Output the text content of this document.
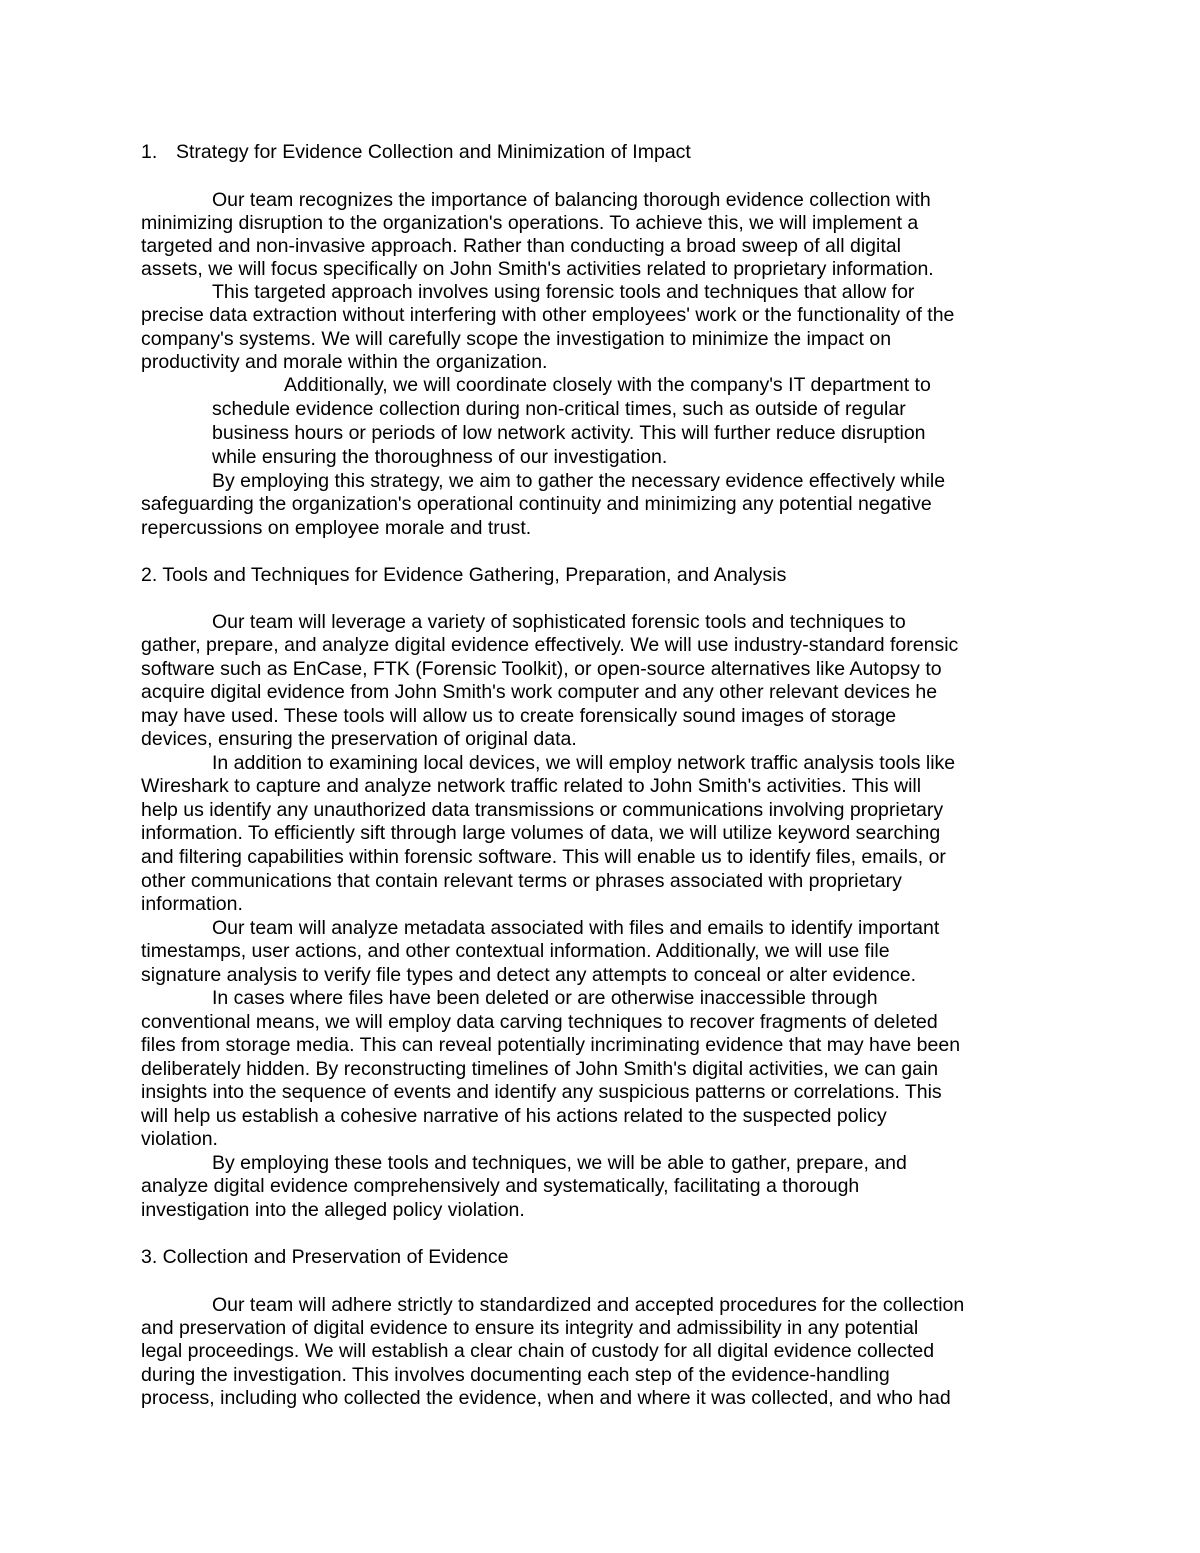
1. Strategy for Evidence Collection and Minimization of Impact

Our team recognizes the importance of balancing thorough evidence collection with

minimizing disruption to the organization's operations. To achieve this, we will implement a

targeted and non-invasive approach. Rather than conducting a broad sweep of all digital

assets, we will focus specifically on John Smith's activities related to proprietary information.

This targeted approach involves using forensic tools and techniques that allow for

precise data extraction without interfering with other employees' work or the functionality of the

company's systems. We will carefully scope the investigation to minimize the impact on

productivity and morale within the organization.

Additionally, we will coordinate closely with the company's IT department to

schedule evidence collection during non-critical times, such as outside of regular

business hours or periods of low network activity. This will further reduce disruption

while ensuring the thoroughness of our investigation.

By employing this strategy, we aim to gather the necessary evidence effectively while

safeguarding the organization's operational continuity and minimizing any potential negative

repercussions on employee morale and trust.

2. Tools and Techniques for Evidence Gathering, Preparation, and Analysis

Our team will leverage a variety of sophisticated forensic tools and techniques to

gather, prepare, and analyze digital evidence effectively. We will use industry-standard forensic

software such as EnCase, FTK (Forensic Toolkit), or open-source alternatives like Autopsy to

acquire digital evidence from John Smith's work computer and any other relevant devices he

may have used. These tools will allow us to create forensically sound images of storage

devices, ensuring the preservation of original data.

In addition to examining local devices, we will employ network traffic analysis tools like

Wireshark to capture and analyze network traffic related to John Smith's activities. This will

help us identify any unauthorized data transmissions or communications involving proprietary

information. To efficiently sift through large volumes of data, we will utilize keyword searching

and filtering capabilities within forensic software. This will enable us to identify files, emails, or

other communications that contain relevant terms or phrases associated with proprietary

information.

Our team will analyze metadata associated with files and emails to identify important

timestamps, user actions, and other contextual information. Additionally, we will use file

signature analysis to verify file types and detect any attempts to conceal or alter evidence.

In cases where files have been deleted or are otherwise inaccessible through

conventional means, we will employ data carving techniques to recover fragments of deleted

files from storage media. This can reveal potentially incriminating evidence that may have been

deliberately hidden. By reconstructing timelines of John Smith's digital activities, we can gain

insights into the sequence of events and identify any suspicious patterns or correlations. This

will help us establish a cohesive narrative of his actions related to the suspected policy

violation.

By employing these tools and techniques, we will be able to gather, prepare, and

analyze digital evidence comprehensively and systematically, facilitating a thorough

investigation into the alleged policy violation.

3. Collection and Preservation of Evidence

Our team will adhere strictly to standardized and accepted procedures for the collection

and preservation of digital evidence to ensure its integrity and admissibility in any potential

legal proceedings. We will establish a clear chain of custody for all digital evidence collected

during the investigation. This involves documenting each step of the evidence-handling

process, including who collected the evidence, when and where it was collected, and who had
